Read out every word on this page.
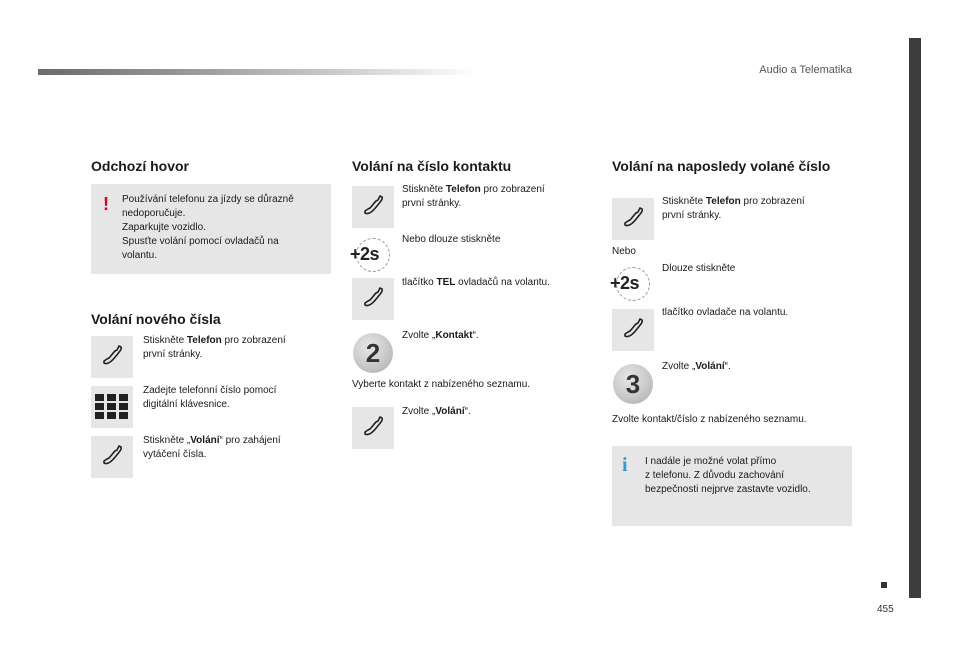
Audio a Telematika
455
Odchozí hovor
! Používání telefonu za jízdy se důrazně
nedoporučuje.
Zaparkujte vozidlo.
Spusťte volání pomocí ovladačů na
volantu.
Volání nového čísla
Stiskněte Telefon pro zobrazení
první stránky.
Zadejte telefonní číslo pomocí
digitální klávesnice.
Stiskněte „Volání“ pro zahájení
vytáčení čísla.
Volání na číslo kontaktu
Stiskněte Telefon pro zobrazení
první stránky.
Nebo dlouze stiskněte
+2s
tlačítko TEL ovladačů na volantu.
2
Zvolte „Kontakt“.
Vyberte kontakt z nabízeného seznamu.
Zvolte „Volání“.
Volání na naposledy volané číslo
Stiskněte Telefon pro zobrazení
první stránky.
Nebo
Dlouze stiskněte
+2s
tlačítko ovladače na volantu.
3
Zvolte „Volání“.
Zvolte kontakt/číslo z nabízeného seznamu.
i I nadále je možné volat přímo
z telefonu. Z důvodu zachování
bezpečnosti nejprve zastavte vozidlo.
